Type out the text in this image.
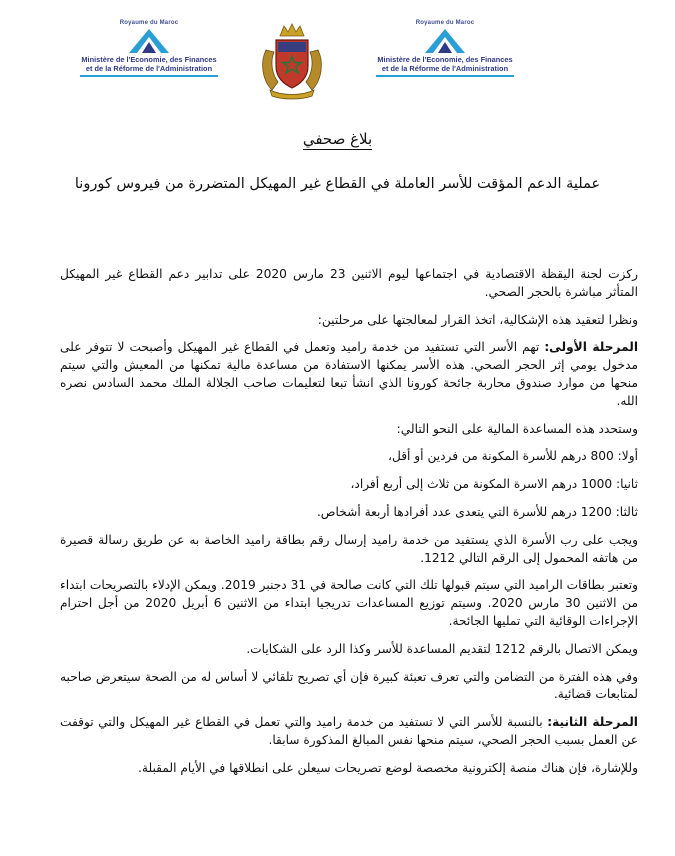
Royaume du Maroc
Ministère de l'Economie, des Finances
et de la Réforme de l'Administration
Royaume du Maroc
Ministère de l'Economie, des Finances
et de la Réforme de l'Administration
بلاغ صحفي
عملية الدعم المؤقت للأسر العاملة في القطاع غير المهيكل المتضررة من فيروس كورونا

ركزت لجنة اليقظة الاقتصادية في اجتماعها ليوم الاثنين 23 مارس 2020 على تدابير دعم القطاع غير المهيكل المتأثر مباشرة بالحجر الصحي.

ونظرا لتعقيد هذه الإشكالية، اتخذ القرار لمعالجتها على مرحلتين:

المرحلة الأولى: تهم الأسر التي تستفيد من خدمة راميد وتعمل في القطاع غير المهيكل وأصبحت لا تتوفر على مدخول يومي إثر الحجر الصحي. هذه الأسر يمكنها الاستفادة من مساعدة مالية تمكنها من المعيش والتي سيتم منحها من موارد صندوق محاربة جائحة كورونا الذي انشأ تبعا لتعليمات صاحب الجلالة الملك محمد السادس نصره الله.

وستحدد هذه المساعدة المالية على النحو التالي:

أولا: 800 درهم للأسرة المكونة من فردين أو أقل،

ثانيا: 1000 درهم الاسرة المكونة من ثلاث إلى أربع أفراد،

ثالثا: 1200 درهم للأسرة التي يتعدى عدد أفرادها أربعة أشخاص.

ويجب على رب الأسرة الذي يستفيد من خدمة راميد إرسال رقم بطاقة راميد الخاصة به عن طريق رسالة قصيرة من هاتفه المحمول إلى الرقم التالي 1212.

وتعتبر بطاقات الراميد التي سيتم قبولها تلك التي كانت صالحة في 31 دجنبر 2019. ويمكن الإدلاء بالتصريحات ابتداء من الاثنين 30 مارس 2020. وسيتم توزيع المساعدات تدريجيا ابتداء من الاثنين 6 أبريل 2020 من أجل احترام الإجراءات الوقائية التي تمليها الجائحة.

ويمكن الاتصال بالرقم 1212 لتقديم المساعدة للأسر وكذا الرد على الشكايات.

وفي هذه الفترة من التضامن والتي تعرف تعبئة كبيرة فإن أي تصريح تلقائي لا أساس له من الصحة سيتعرض صاحبه لمتابعات قضائية.

المرحلة الثانية: بالنسبة للأسر التي لا تستفيد من خدمة راميد والتي تعمل في القطاع غير المهيكل والتي توقفت عن العمل بسبب الحجر الصحي، سيتم منحها نفس المبالغ المذكورة سابقا.

وللإشارة، فإن هناك منصة إلكترونية مخصصة لوضع تصريحات سيعلن على انطلاقها في الأيام المقبلة.
